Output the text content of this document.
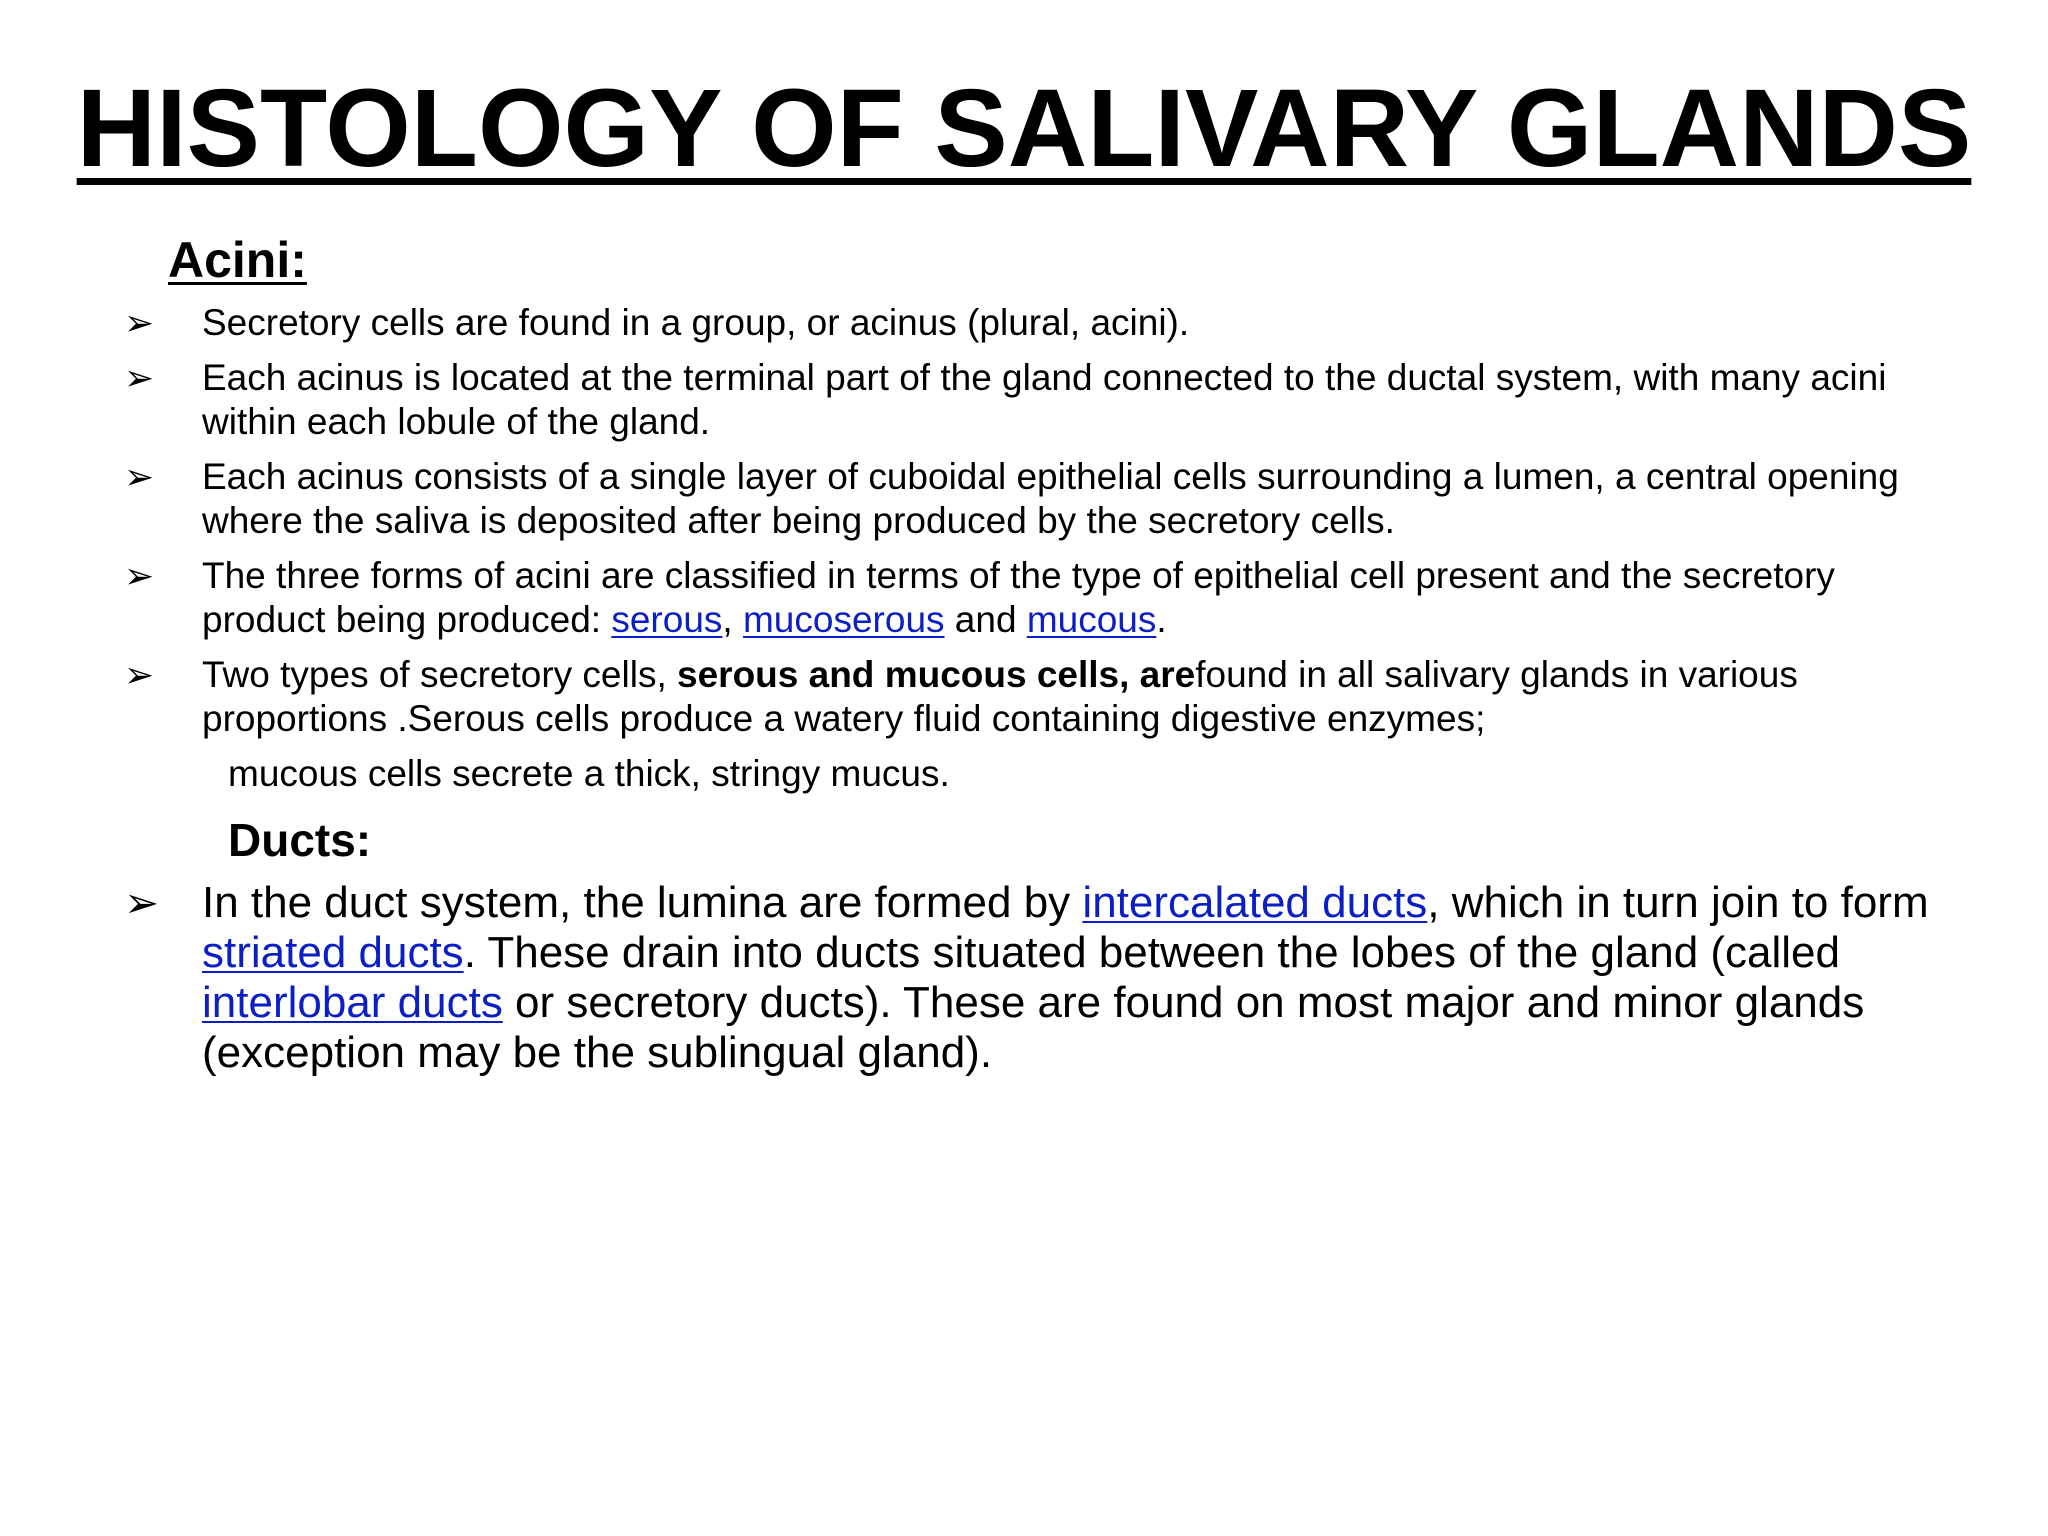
HISTOLOGY OF SALIVARY GLANDS
Acini:
➢	Secretory cells are found in a group, or acinus (plural, acini).
➢	Each acinus is located at the terminal part of the gland connected to the ductal system, with many acini within each lobule of the gland.
➢	Each acinus consists of a single layer of cuboidal epithelial cells surrounding a lumen, a central opening where the saliva is deposited after being produced by the secretory cells.
➢	The three forms of acini are classified in terms of the type of epithelial cell present and the secretory product being produced: serous, mucoserous and mucous.
➢	Two types of secretory cells, serous and mucous cells, arefound in all salivary glands in various proportions .Serous cells produce a watery fluid containing digestive enzymes;
mucous cells secrete a thick, stringy mucus.
Ducts:
➢ In the duct system, the lumina are formed by intercalated ducts, which in turn join to form striated ducts. These drain into ducts situated between the lobes of the gland (called interlobar ducts or secretory ducts). These are found on most major and minor glands (exception may be the sublingual gland).
